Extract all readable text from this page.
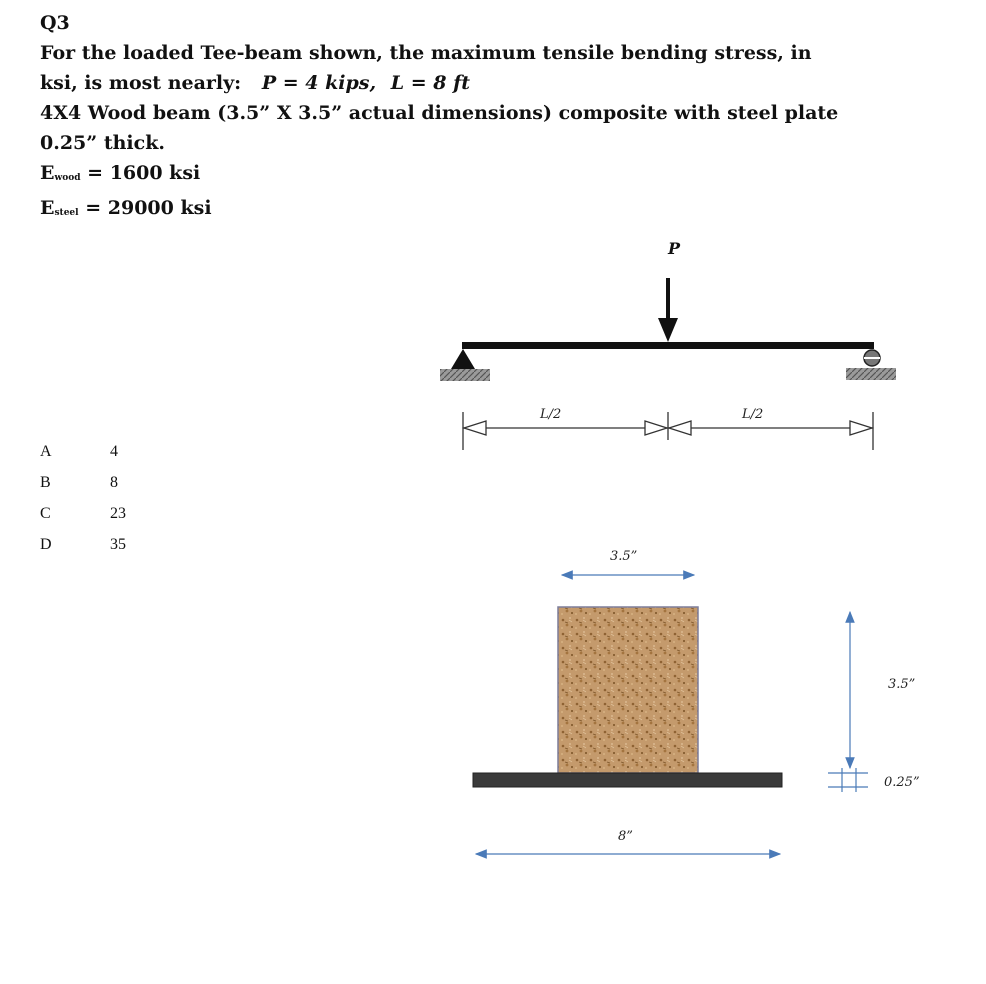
Q3
For the loaded Tee-beam shown, the maximum tensile bending stress, in
ksi, is most nearly: P = 4 kips, L = 8 ft
4X4 Wood beam (3.5” X 3.5” actual dimensions) composite with steel plate
0.25” thick.
Ewood = 1600 ksi
Esteel = 29000 ksi
A	4
B	8
C	23
D	35
P
L/2	L/2
3.5”
3.5”
0.25”
8”
